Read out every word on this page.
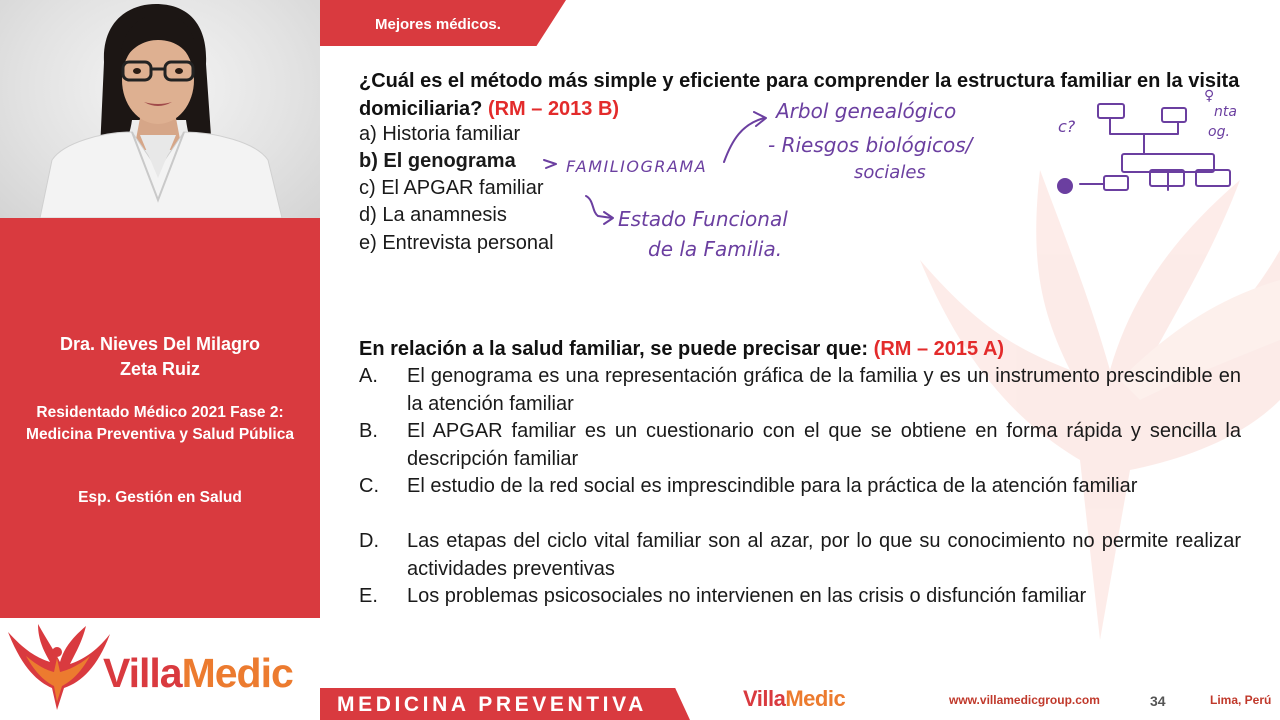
Dra. Nieves Del Milagro
Zeta Ruiz
Residentado Médico 2021 Fase 2: Medicina Preventiva y Salud Pública
Esp. Gestión en Salud
VillaMedic
Mejores médicos.
¿Cuál es el método más simple y eficiente para comprender la estructura familiar en la visita domiciliaria? (RM – 2013 B)
a) Historia familiar
b) El genograma
c) El APGAR familiar
d) La anamnesis
e) Entrevista personal
FAMILIOGRAMA
Arbol genealógico
- Riesgos biológicos/
sociales
Estado Funcional
de la Familia.
c?
♀
nta
og.
En relación a la salud familiar, se puede precisar que: (RM – 2015 A)
A.	El genograma es una representación gráfica de la familia y es un instrumento prescindible en la atención familiar
B.	El APGAR familiar es un cuestionario con el que se obtiene en forma rápida y sencilla la descripción familiar
C.	El estudio de la red social es imprescindible para la práctica de la atención familiar
D.	Las etapas del ciclo vital familiar son al azar, por lo que su conocimiento no permite realizar actividades preventivas
E.	Los problemas psicosociales no intervienen en las crisis o disfunción familiar
MEDICINA PREVENTIVA	VillaMedic	www.villamedicgroup.com	34	Lima, Perú
